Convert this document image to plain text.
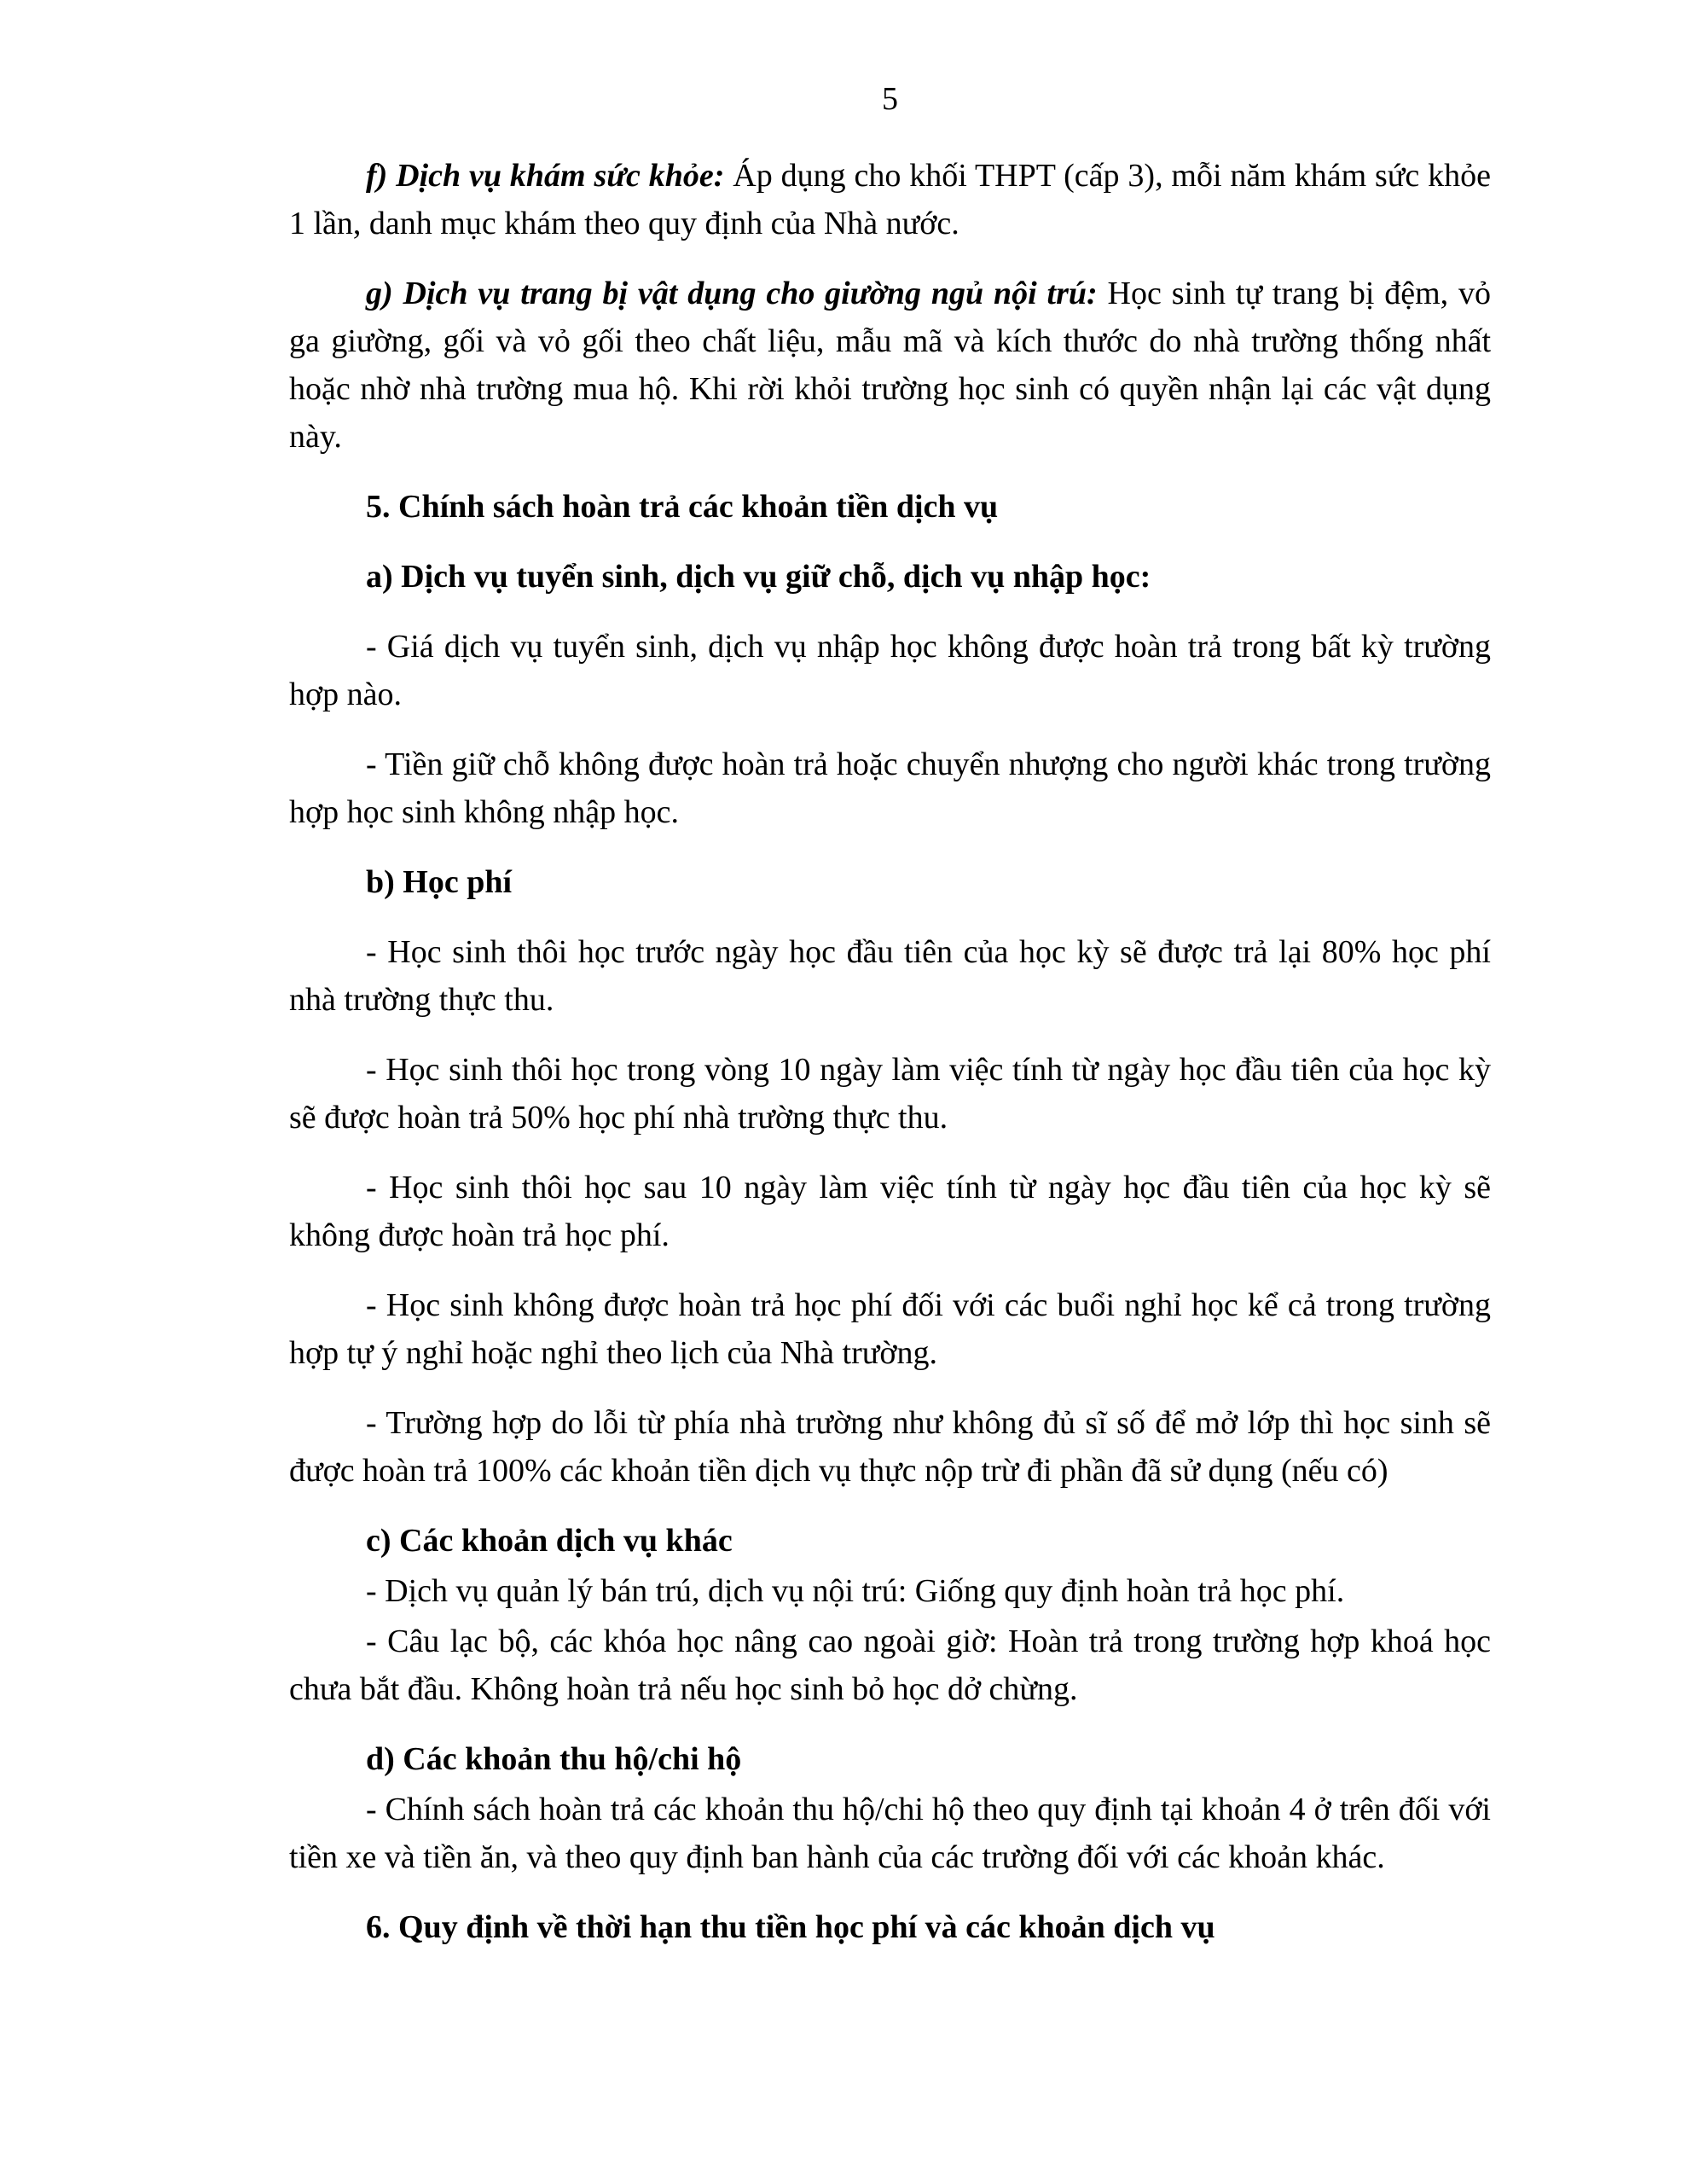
5

f) Dịch vụ khám sức khỏe: Áp dụng cho khối THPT (cấp 3), mỗi năm khám sức khỏe 1 lần, danh mục khám theo quy định của Nhà nước.

g) Dịch vụ trang bị vật dụng cho giường ngủ nội trú: Học sinh tự trang bị đệm, vỏ ga giường, gối và vỏ gối theo chất liệu, mẫu mã và kích thước do nhà trường thống nhất hoặc nhờ nhà trường mua hộ. Khi rời khỏi trường học sinh có quyền nhận lại các vật dụng này.

5. Chính sách hoàn trả các khoản tiền dịch vụ

a) Dịch vụ tuyển sinh, dịch vụ giữ chỗ, dịch vụ nhập học:

- Giá dịch vụ tuyển sinh, dịch vụ nhập học không được hoàn trả trong bất kỳ trường hợp nào.

- Tiền giữ chỗ không được hoàn trả hoặc chuyển nhượng cho người khác trong trường hợp học sinh không nhập học.

b) Học phí

- Học sinh thôi học trước ngày học đầu tiên của học kỳ sẽ được trả lại 80% học phí nhà trường thực thu.

- Học sinh thôi học trong vòng 10 ngày làm việc tính từ ngày học đầu tiên của học kỳ sẽ được hoàn trả 50% học phí nhà trường thực thu.

- Học sinh thôi học sau 10 ngày làm việc tính từ ngày học đầu tiên của học kỳ sẽ không được hoàn trả học phí.

- Học sinh không được hoàn trả học phí đối với các buổi nghỉ học kể cả trong trường hợp tự ý nghỉ hoặc nghỉ theo lịch của Nhà trường.

- Trường hợp do lỗi từ phía nhà trường như không đủ sĩ số để mở lớp thì học sinh sẽ được hoàn trả 100% các khoản tiền dịch vụ thực nộp trừ đi phần đã sử dụng (nếu có)

c) Các khoản dịch vụ khác

- Dịch vụ quản lý bán trú, dịch vụ nội trú: Giống quy định hoàn trả học phí.

- Câu lạc bộ, các khóa học nâng cao ngoài giờ: Hoàn trả trong trường hợp khoá học chưa bắt đầu. Không hoàn trả nếu học sinh bỏ học dở chừng.

d) Các khoản thu hộ/chi hộ

- Chính sách hoàn trả các khoản thu hộ/chi hộ theo quy định tại khoản 4 ở trên đối với tiền xe và tiền ăn, và theo quy định ban hành của các trường đối với các khoản khác.

6. Quy định về thời hạn thu tiền học phí và các khoản dịch vụ
